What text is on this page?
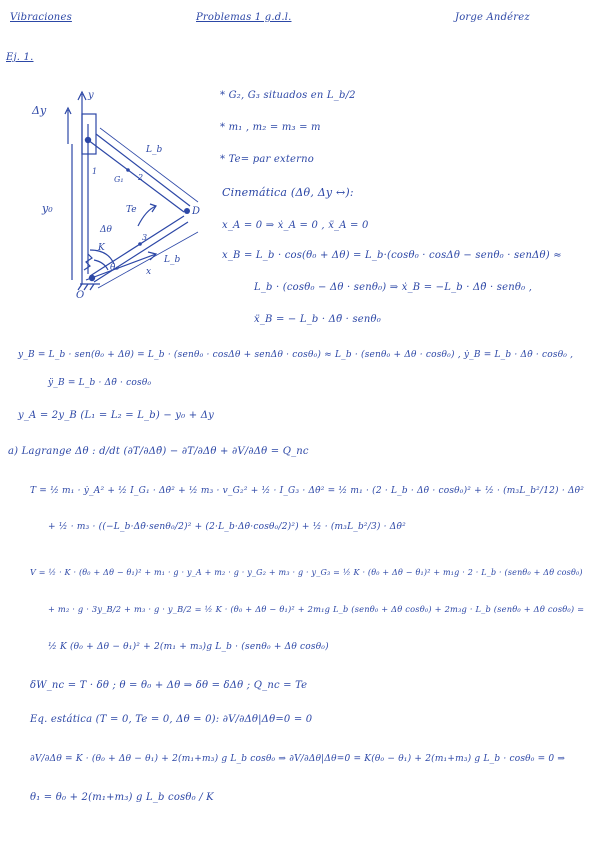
Vibraciones	Problemas 1 g.d.l.	Jorge Andérez
Ej. 1.
Δy
y
y₀
L_b
G₁ 2
1
Te	D
Δθ
3
K
θ₀	x
L_b
O
* G₂, G₃ situados en L_b/2
* m₁ , m₂ = m₃ = m
* Te= par externo
Cinemática (Δθ, Δy ↔):
x_A = 0 ⇒ ẋ_A = 0 , ẍ_A = 0
x_B = L_b · cos(θ₀ + Δθ) = L_b·(cosθ₀ · cosΔθ − senθ₀ · senΔθ) ≈
L_b · (cosθ₀ − Δθ · senθ₀) ⇒ ẋ_B = −L_b · Δθ̇ · senθ₀ ,
ẍ_B = − L_b · Δθ̈ · senθ₀
y_B = L_b · sen(θ₀ + Δθ) = L_b · (senθ₀ · cosΔθ + senΔθ · cosθ₀) ≈ L_b · (senθ₀ + Δθ · cosθ₀) , ẏ_B = L_b · Δθ̇ · cosθ₀ ,
ÿ_B = L_b · Δθ̈ · cosθ₀
y_A = 2y_B (L₁ = L₂ = L_b) − y₀ + Δy
a) Lagrange Δθ : d/dt (∂T/∂Δθ̇) − ∂T/∂Δθ + ∂V/∂Δθ = Q_nc
T = ½ m₁ · ẏ_A² + ½ I_G₁ · Δθ̇² + ½ m₃ · v_G₂² + ½ · I_G₃ · Δθ̇² = ½ m₁ · (2 · L_b · Δθ̇ · cosθ₀)² + ½ · (m₃L_b²/12) · Δθ̇²
+ ½ · m₃ · ((−L_b·Δθ̇·senθ₀/2)² + (2·L_b·Δθ̇·cosθ₀/2)²) + ½ · (m₃L_b²/3) · Δθ̇²
V = ½ · K · (θ₀ + Δθ − θ₁)² + m₁ · g · y_A + m₂ · g · y_G₂ + m₃ · g · y_G₃ = ½ K · (θ₀ + Δθ − θ₁)² + m₁g · 2 · L_b · (senθ₀ + Δθ cosθ₀)
+ m₂ · g · 3y_B/2 + m₃ · g · y_B/2 = ½ K · (θ₀ + Δθ − θ₁)² + 2m₁g L_b (senθ₀ + Δθ cosθ₀) + 2m₃g · L_b (senθ₀ + Δθ cosθ₀) =
½ K (θ₀ + Δθ − θ₁)² + 2(m₁ + m₃)g L_b · (senθ₀ + Δθ cosθ₀)
δW_nc = T · δθ ; θ = θ₀ + Δθ ⇒ δθ = δΔθ ; Q_nc = Te
Eq. estática (T = 0, Te = 0, Δθ = 0): ∂V/∂Δθ|Δθ=0 = 0
∂V/∂Δθ = K · (θ₀ + Δθ − θ₁) + 2(m₁+m₃) g L_b cosθ₀ ⇒ ∂V/∂Δθ|Δθ=0 = K(θ₀ − θ₁) + 2(m₁+m₃) g L_b · cosθ₀ = 0 ⇒
θ₁ = θ₀ + 2(m₁+m₃) g L_b cosθ₀ / K
